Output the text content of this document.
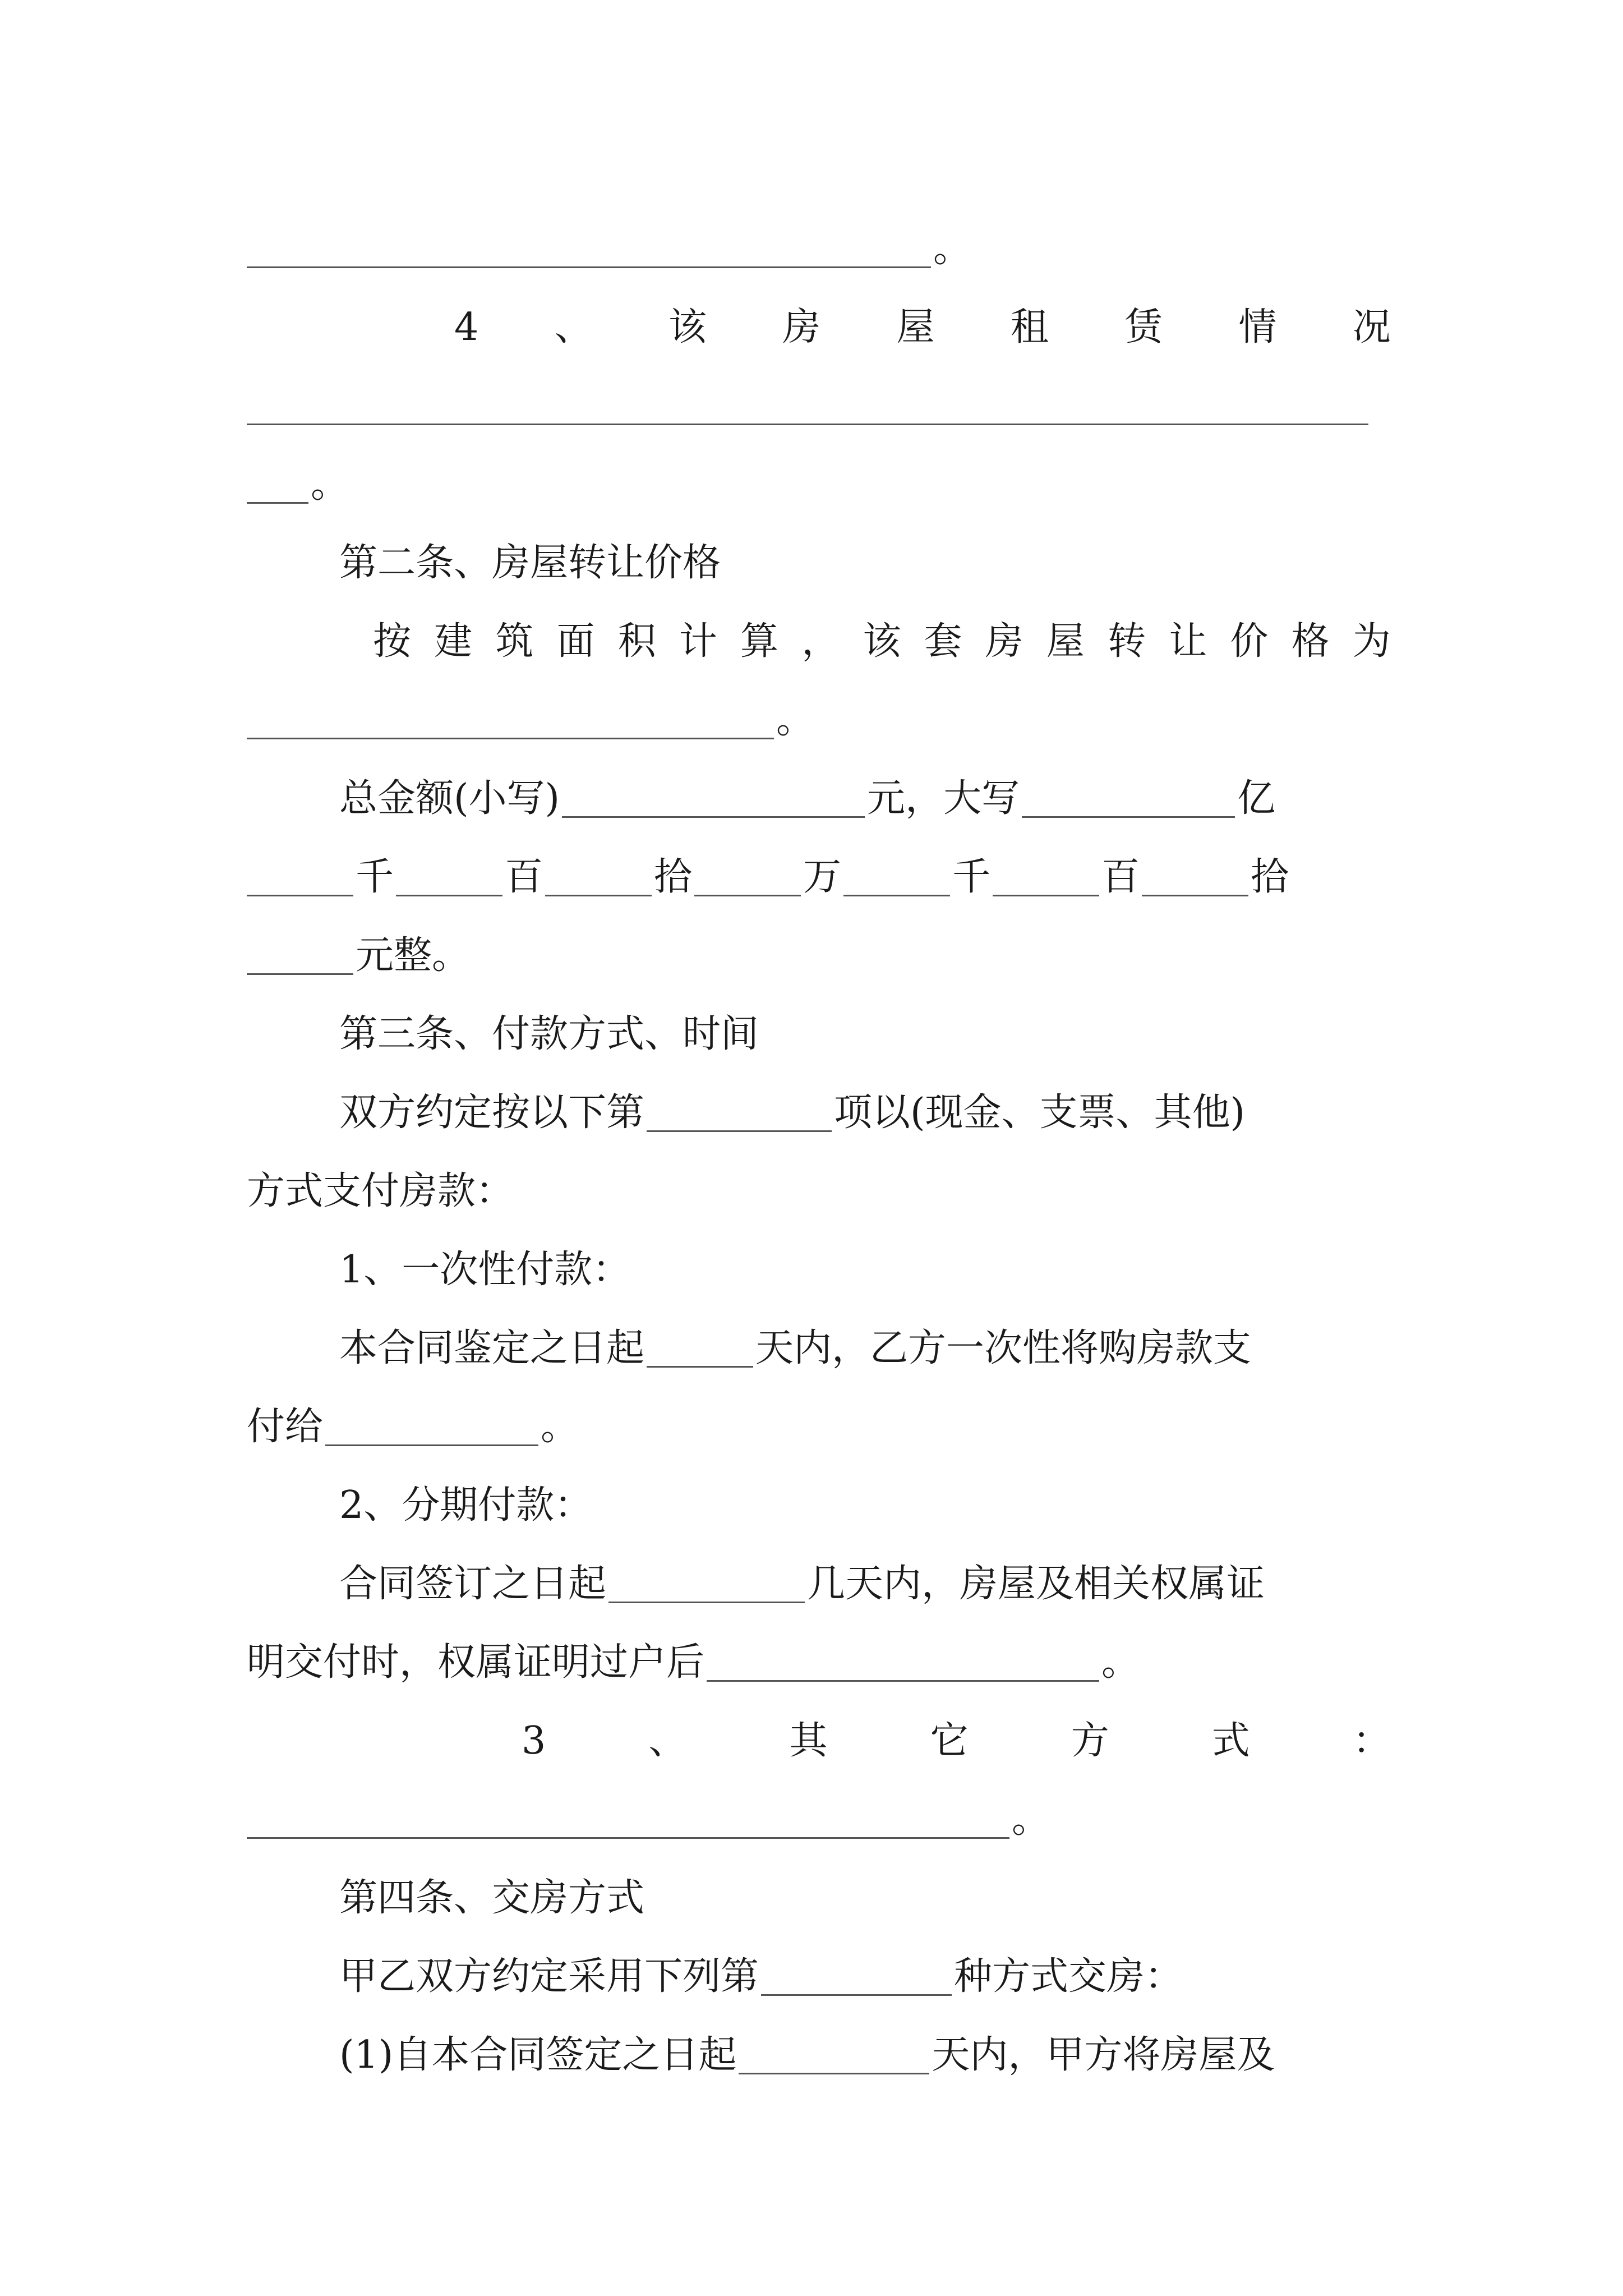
。
4 、 该 房 屋 租 赁 情 况
。
第二条、房屋转让价格
按 建 筑 面 积 计 算 ， 该 套 房 屋 转 让 价 格 为
。
总金额(小写)	元，大写	亿
千	百	拾	万	千	百	拾
元整。
第三条、付款方式、时间
双方约定按以下第	项以(现金、支票、其他)
方式支付房款：
1、一次性付款：
本合同鉴定之日起	天内，乙方一次性将购房款支
付给	。
2、分期付款：
合同签订之日起	几天内，房屋及相关权属证
明交付时，权属证明过户后	。
3	、	其	它	方	式	：
。
第四条、交房方式
甲乙双方约定采用下列第	种方式交房：
(1)自本合同签定之日起	天内，甲方将房屋及
